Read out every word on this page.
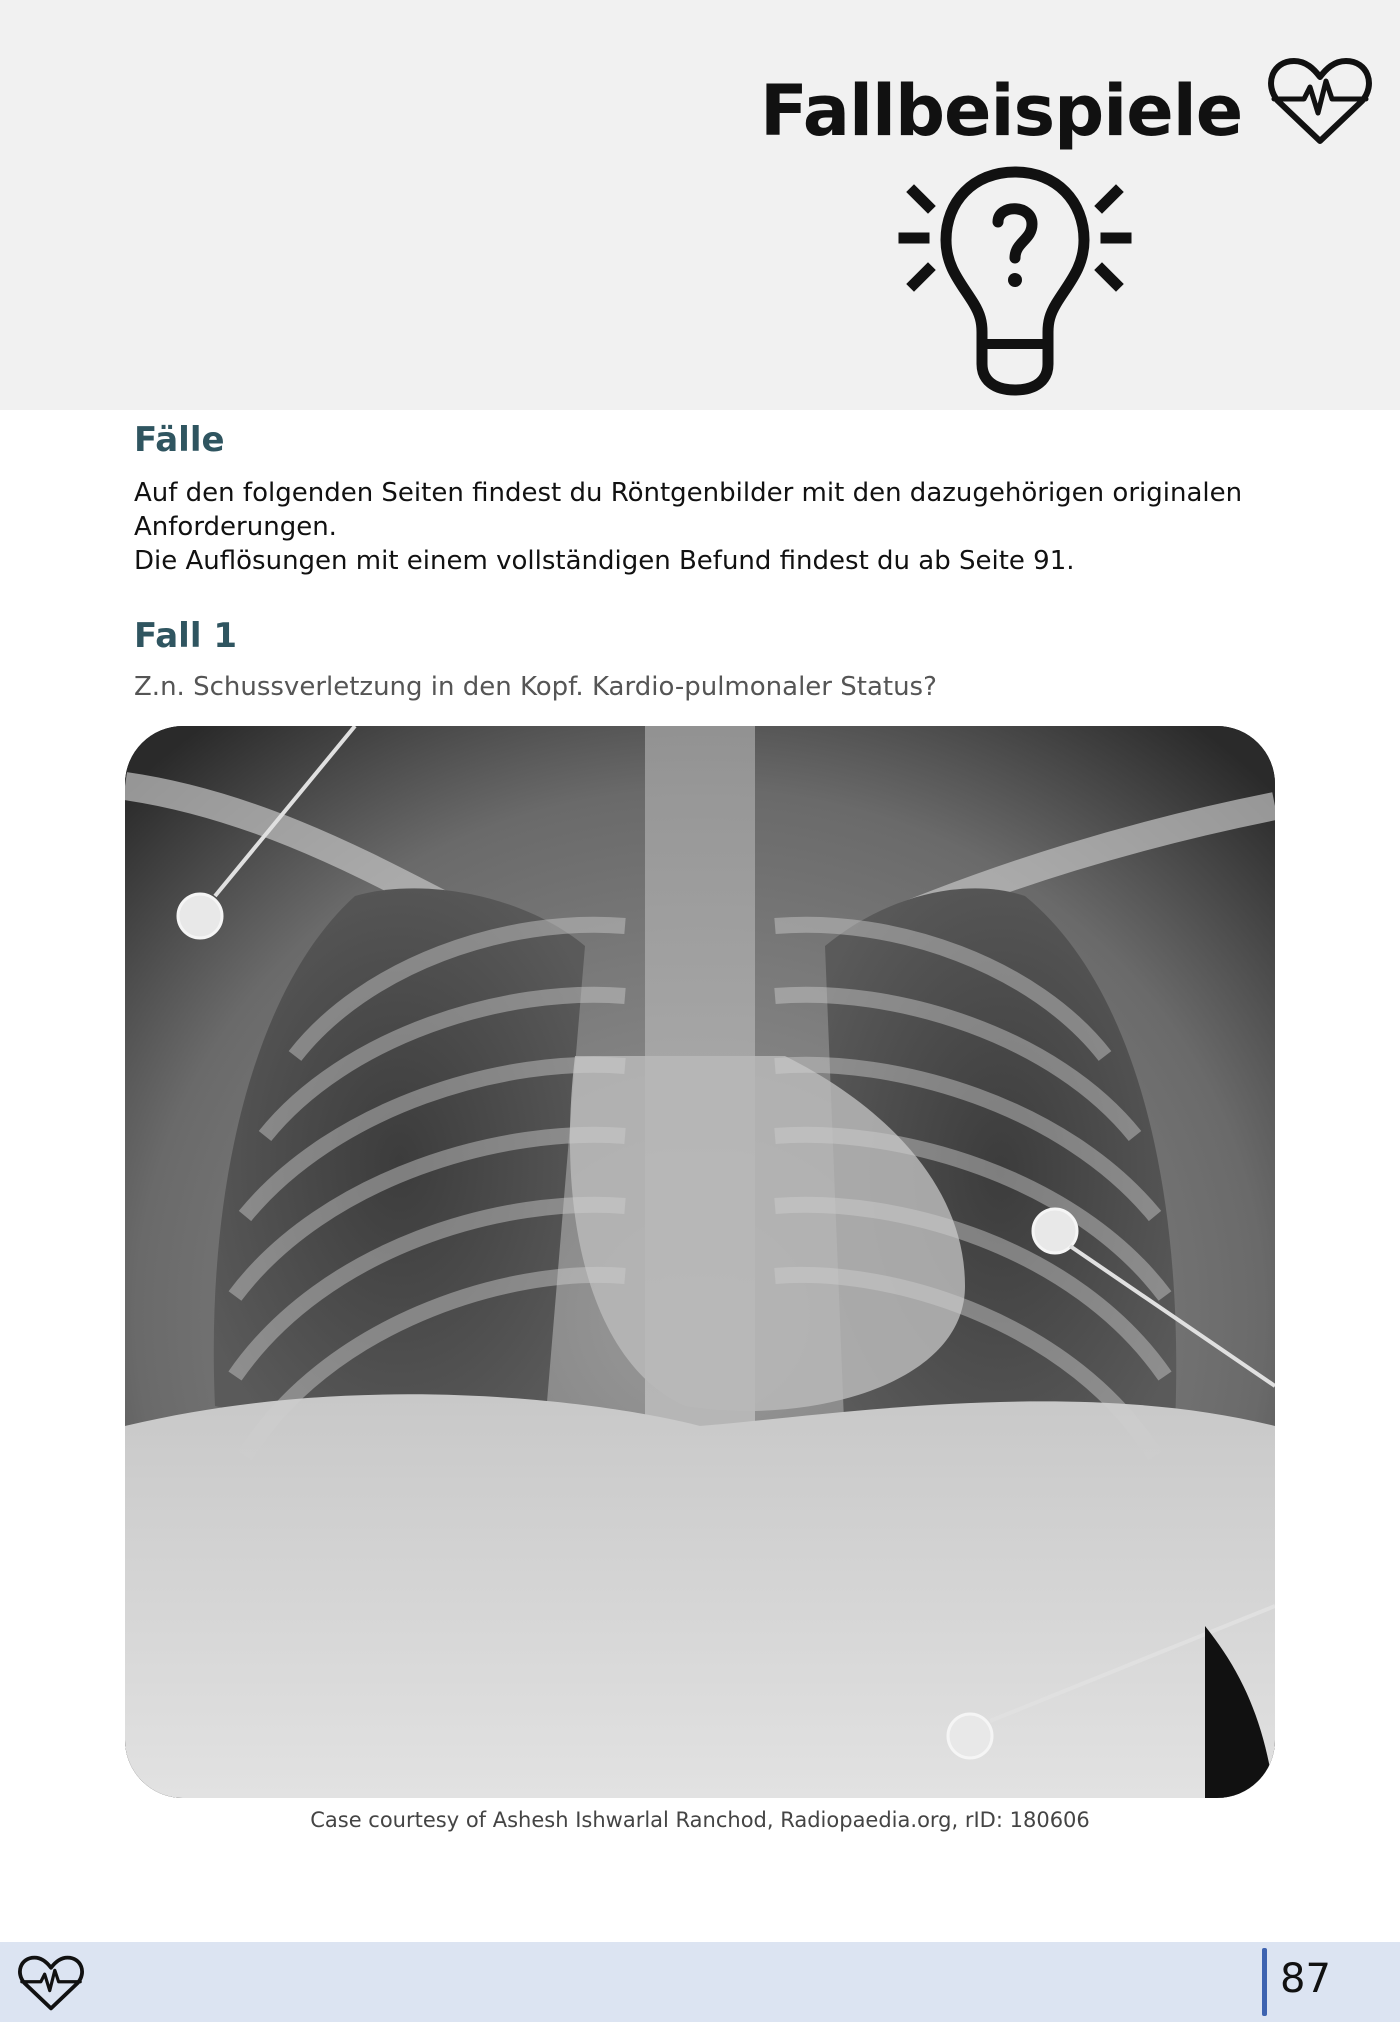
Fallbeispiele
Fälle

Auf den folgenden Seiten findest du Röntgenbilder mit den dazugehörigen originalen Anforderungen.

Die Auflösungen mit einem vollständigen Befund findest du ab Seite 91.

Fall 1
Z.n. Schussverletzung in den Kopf. Kardio-pulmonaler Status?
Case courtesy of Ashesh Ishwarlal Ranchod, Radiopaedia.org, rID: 180606
87
